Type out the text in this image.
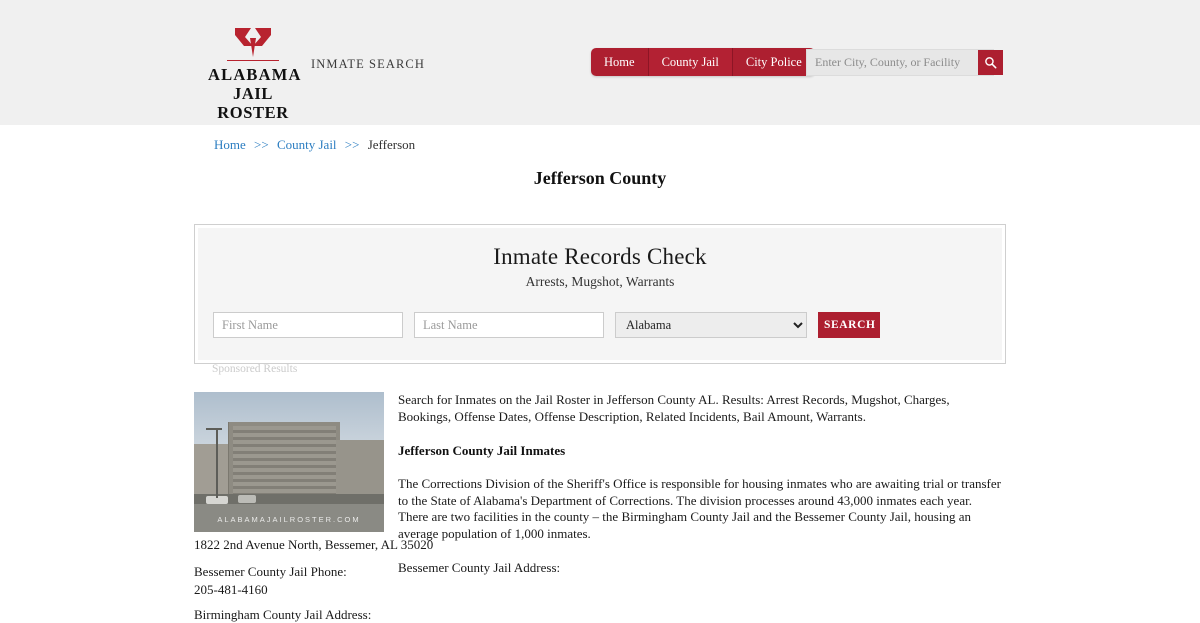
ALABAMA
JAIL ROSTER
INMATE SEARCH	Home	County Jail	City Police
Enter City, County, or Facility
Home >> County Jail >> Jefferson
Jefferson County
Inmate Records Check
Arrests, Mugshot, Warrants
First Name
Last Name
Alabama
SEARCH
Sponsored Results
ALABAMAJAILROSTER.COM
1822 2nd Avenue North, Bessemer, AL 35020
Bessemer County Jail Phone:
205-481-4160
Birmingham County Jail Address:

Search for Inmates on the Jail Roster in Jefferson County AL. Results: Arrest Records, Mugshot, Charges, Bookings, Offense Dates, Offense Description, Related Incidents, Bail Amount, Warrants.

Jefferson County Jail Inmates

The Corrections Division of the Sheriff's Office is responsible for housing inmates who are awaiting trial or transfer to the State of Alabama's Department of Corrections. The division processes around 43,000 inmates each year. There are two facilities in the county – the Birmingham County Jail and the Bessemer County Jail, housing an average population of 1,000 inmates.

Bessemer County Jail Address:
